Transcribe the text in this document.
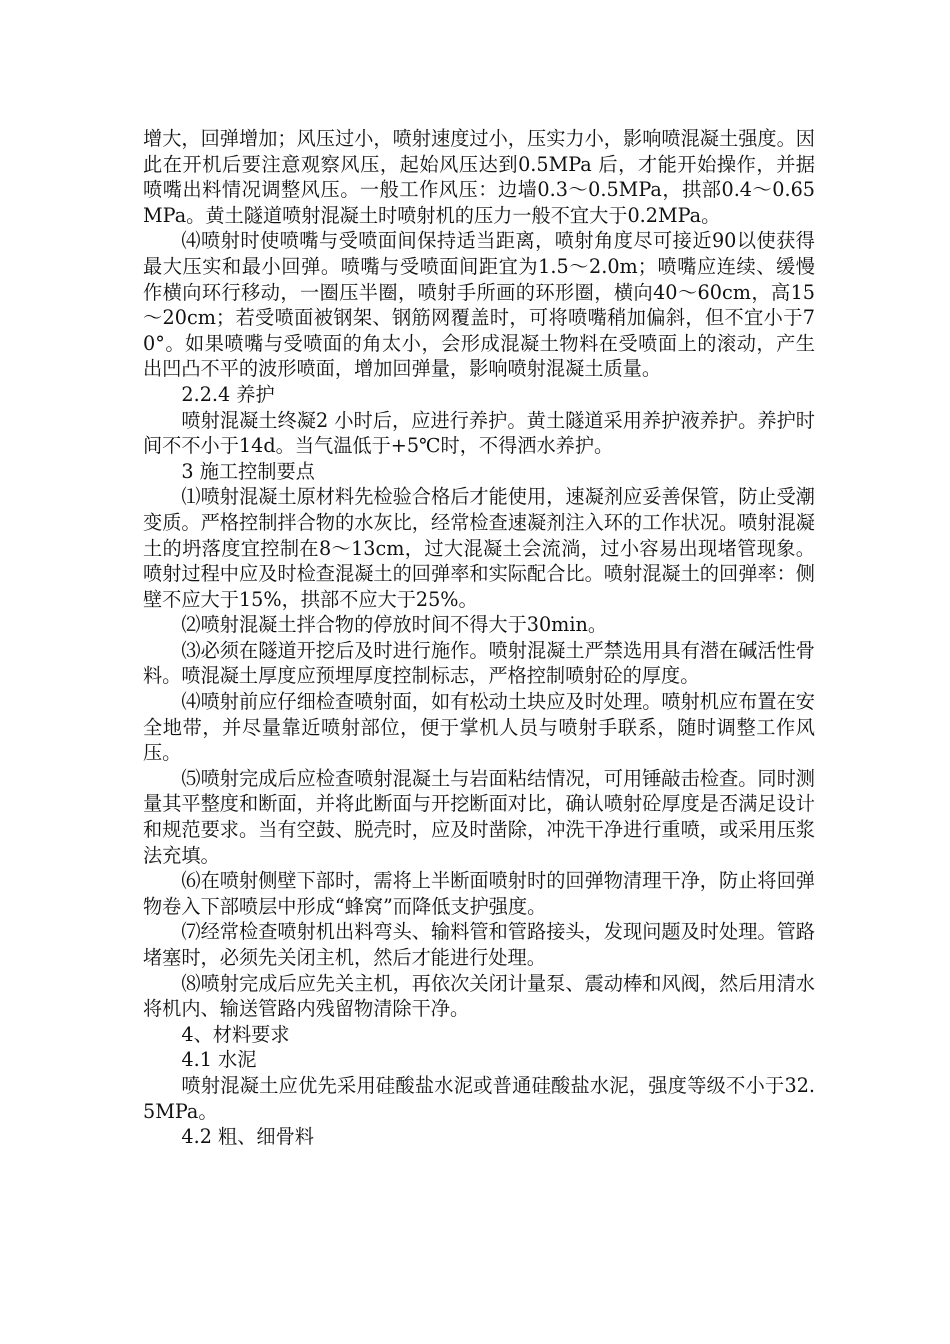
增大，回弹增加；风压过小，喷射速度过小，压实力小，影响喷混凝土强度。因此在开机后要注意观察风压，起始风压达到0.5MPa 后，才能开始操作，并据喷嘴出料情况调整风压。一般工作风压：边墙0.3～0.5MPa，拱部0.4～0.65MPa。黄土隧道喷射混凝土时喷射机的压力一般不宜大于0.2MPa。

⑷喷射时使喷嘴与受喷面间保持适当距离，喷射角度尽可接近90以使获得最大压实和最小回弹。喷嘴与受喷面间距宜为1.5～2.0m；喷嘴应连续、缓慢作横向环行移动，一圈压半圈，喷射手所画的环形圈，横向40～60cm，高15～20cm；若受喷面被钢架、钢筋网覆盖时，可将喷嘴稍加偏斜，但不宜小于70°。如果喷嘴与受喷面的角太小，会形成混凝土物料在受喷面上的滚动，产生出凹凸不平的波形喷面，增加回弹量，影响喷射混凝土质量。

2.2.4 养护

喷射混凝土终凝2 小时后，应进行养护。黄土隧道采用养护液养护。养护时间不不小于14d。当气温低于+5℃时，不得洒水养护。

3 施工控制要点

⑴喷射混凝土原材料先检验合格后才能使用，速凝剂应妥善保管，防止受潮变质。严格控制拌合物的水灰比，经常检查速凝剂注入环的工作状况。喷射混凝土的坍落度宜控制在8～13cm，过大混凝土会流淌，过小容易出现堵管现象。喷射过程中应及时检查混凝土的回弹率和实际配合比。喷射混凝土的回弹率：侧壁不应大于15%，拱部不应大于25%。

⑵喷射混凝土拌合物的停放时间不得大于30min。

⑶必须在隧道开挖后及时进行施作。喷射混凝土严禁选用具有潜在碱活性骨料。喷混凝土厚度应预埋厚度控制标志，严格控制喷射砼的厚度。

⑷喷射前应仔细检查喷射面，如有松动土块应及时处理。喷射机应布置在安全地带，并尽量靠近喷射部位，便于掌机人员与喷射手联系，随时调整工作风压。

⑸喷射完成后应检查喷射混凝土与岩面粘结情况，可用锤敲击检查。同时测量其平整度和断面，并将此断面与开挖断面对比，确认喷射砼厚度是否满足设计和规范要求。当有空鼓、脱壳时，应及时凿除，冲洗干净进行重喷，或采用压浆法充填。

⑹在喷射侧壁下部时，需将上半断面喷射时的回弹物清理干净，防止将回弹物卷入下部喷层中形成“蜂窝”而降低支护强度。

⑺经常检查喷射机出料弯头、输料管和管路接头，发现问题及时处理。管路堵塞时，必须先关闭主机，然后才能进行处理。

⑻喷射完成后应先关主机，再依次关闭计量泵、震动棒和风阀，然后用清水将机内、输送管路内残留物清除干净。

4、材料要求

4.1 水泥

喷射混凝土应优先采用硅酸盐水泥或普通硅酸盐水泥，强度等级不小于32.5MPa。

4.2 粗、细骨料
